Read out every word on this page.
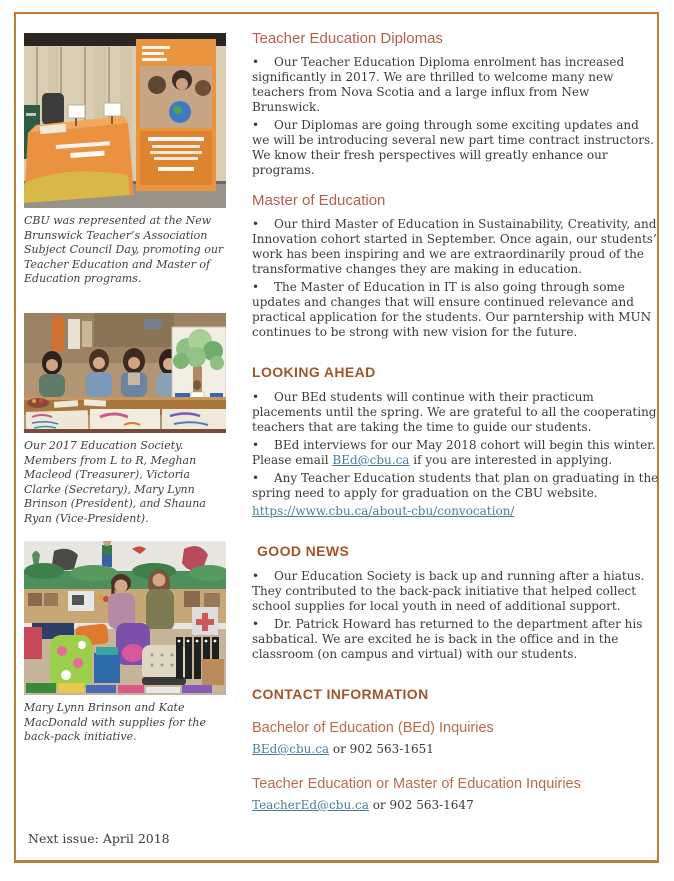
CBU was represented at the New Brunswick Teacher’s Association Subject Council Day, promoting our Teacher Education and Master of Education programs.
Our 2017 Education Society. Members from L to R, Meghan Macleod (Treasurer), Victoria Clarke (Secretary), Mary Lynn Brinson (President), and Shauna Ryan (Vice-President).
Mary Lynn Brinson and Kate MacDonald with supplies for the back-pack initiative.
Teacher Education Diplomas

• Our Teacher Education Diploma enrolment has increased significantly in 2017. We are thrilled to welcome many new teachers from Nova Scotia and a large influx from New Brunswick.

• Our Diplomas are going through some exciting updates and we will be introducing several new part time contract instructors. We know their fresh perspectives will greatly enhance our programs.

Master of Education

• Our third Master of Education in Sustainability, Creativity, and Innovation cohort started in September. Once again, our students’ work has been inspiring and we are extraordinarily proud of the transformative changes they are making in education.

• The Master of Education in IT is also going through some updates and changes that will ensure continued relevance and practical application for the students. Our parntership with MUN continues to be strong with new vision for the future.

LOOKING AHEAD

• Our BEd students will continue with their practicum placements until the spring. We are grateful to all the cooperating teachers that are taking the time to guide our students.

• BEd interviews for our May 2018 cohort will begin this winter. Please email BEd@cbu.ca if you are interested in applying.

• Any Teacher Education students that plan on graduating in the spring need to apply for graduation on the CBU website.

https://www.cbu.ca/about-cbu/convocation/

GOOD NEWS

• Our Education Society is back up and running after a hiatus. They contributed to the back-pack initiative that helped collect school supplies for local youth in need of additional support.

• Dr. Patrick Howard has returned to the department after his sabbatical. We are excited he is back in the office and in the classroom (on campus and virtual) with our students.

CONTACT INFORMATION
Bachelor of Education (BEd) Inquiries

BEd@cbu.ca or 902 563-1651

Teacher Education or Master of Education Inquiries

TeacherEd@cbu.ca or 902 563-1647

Next issue: April 2018
